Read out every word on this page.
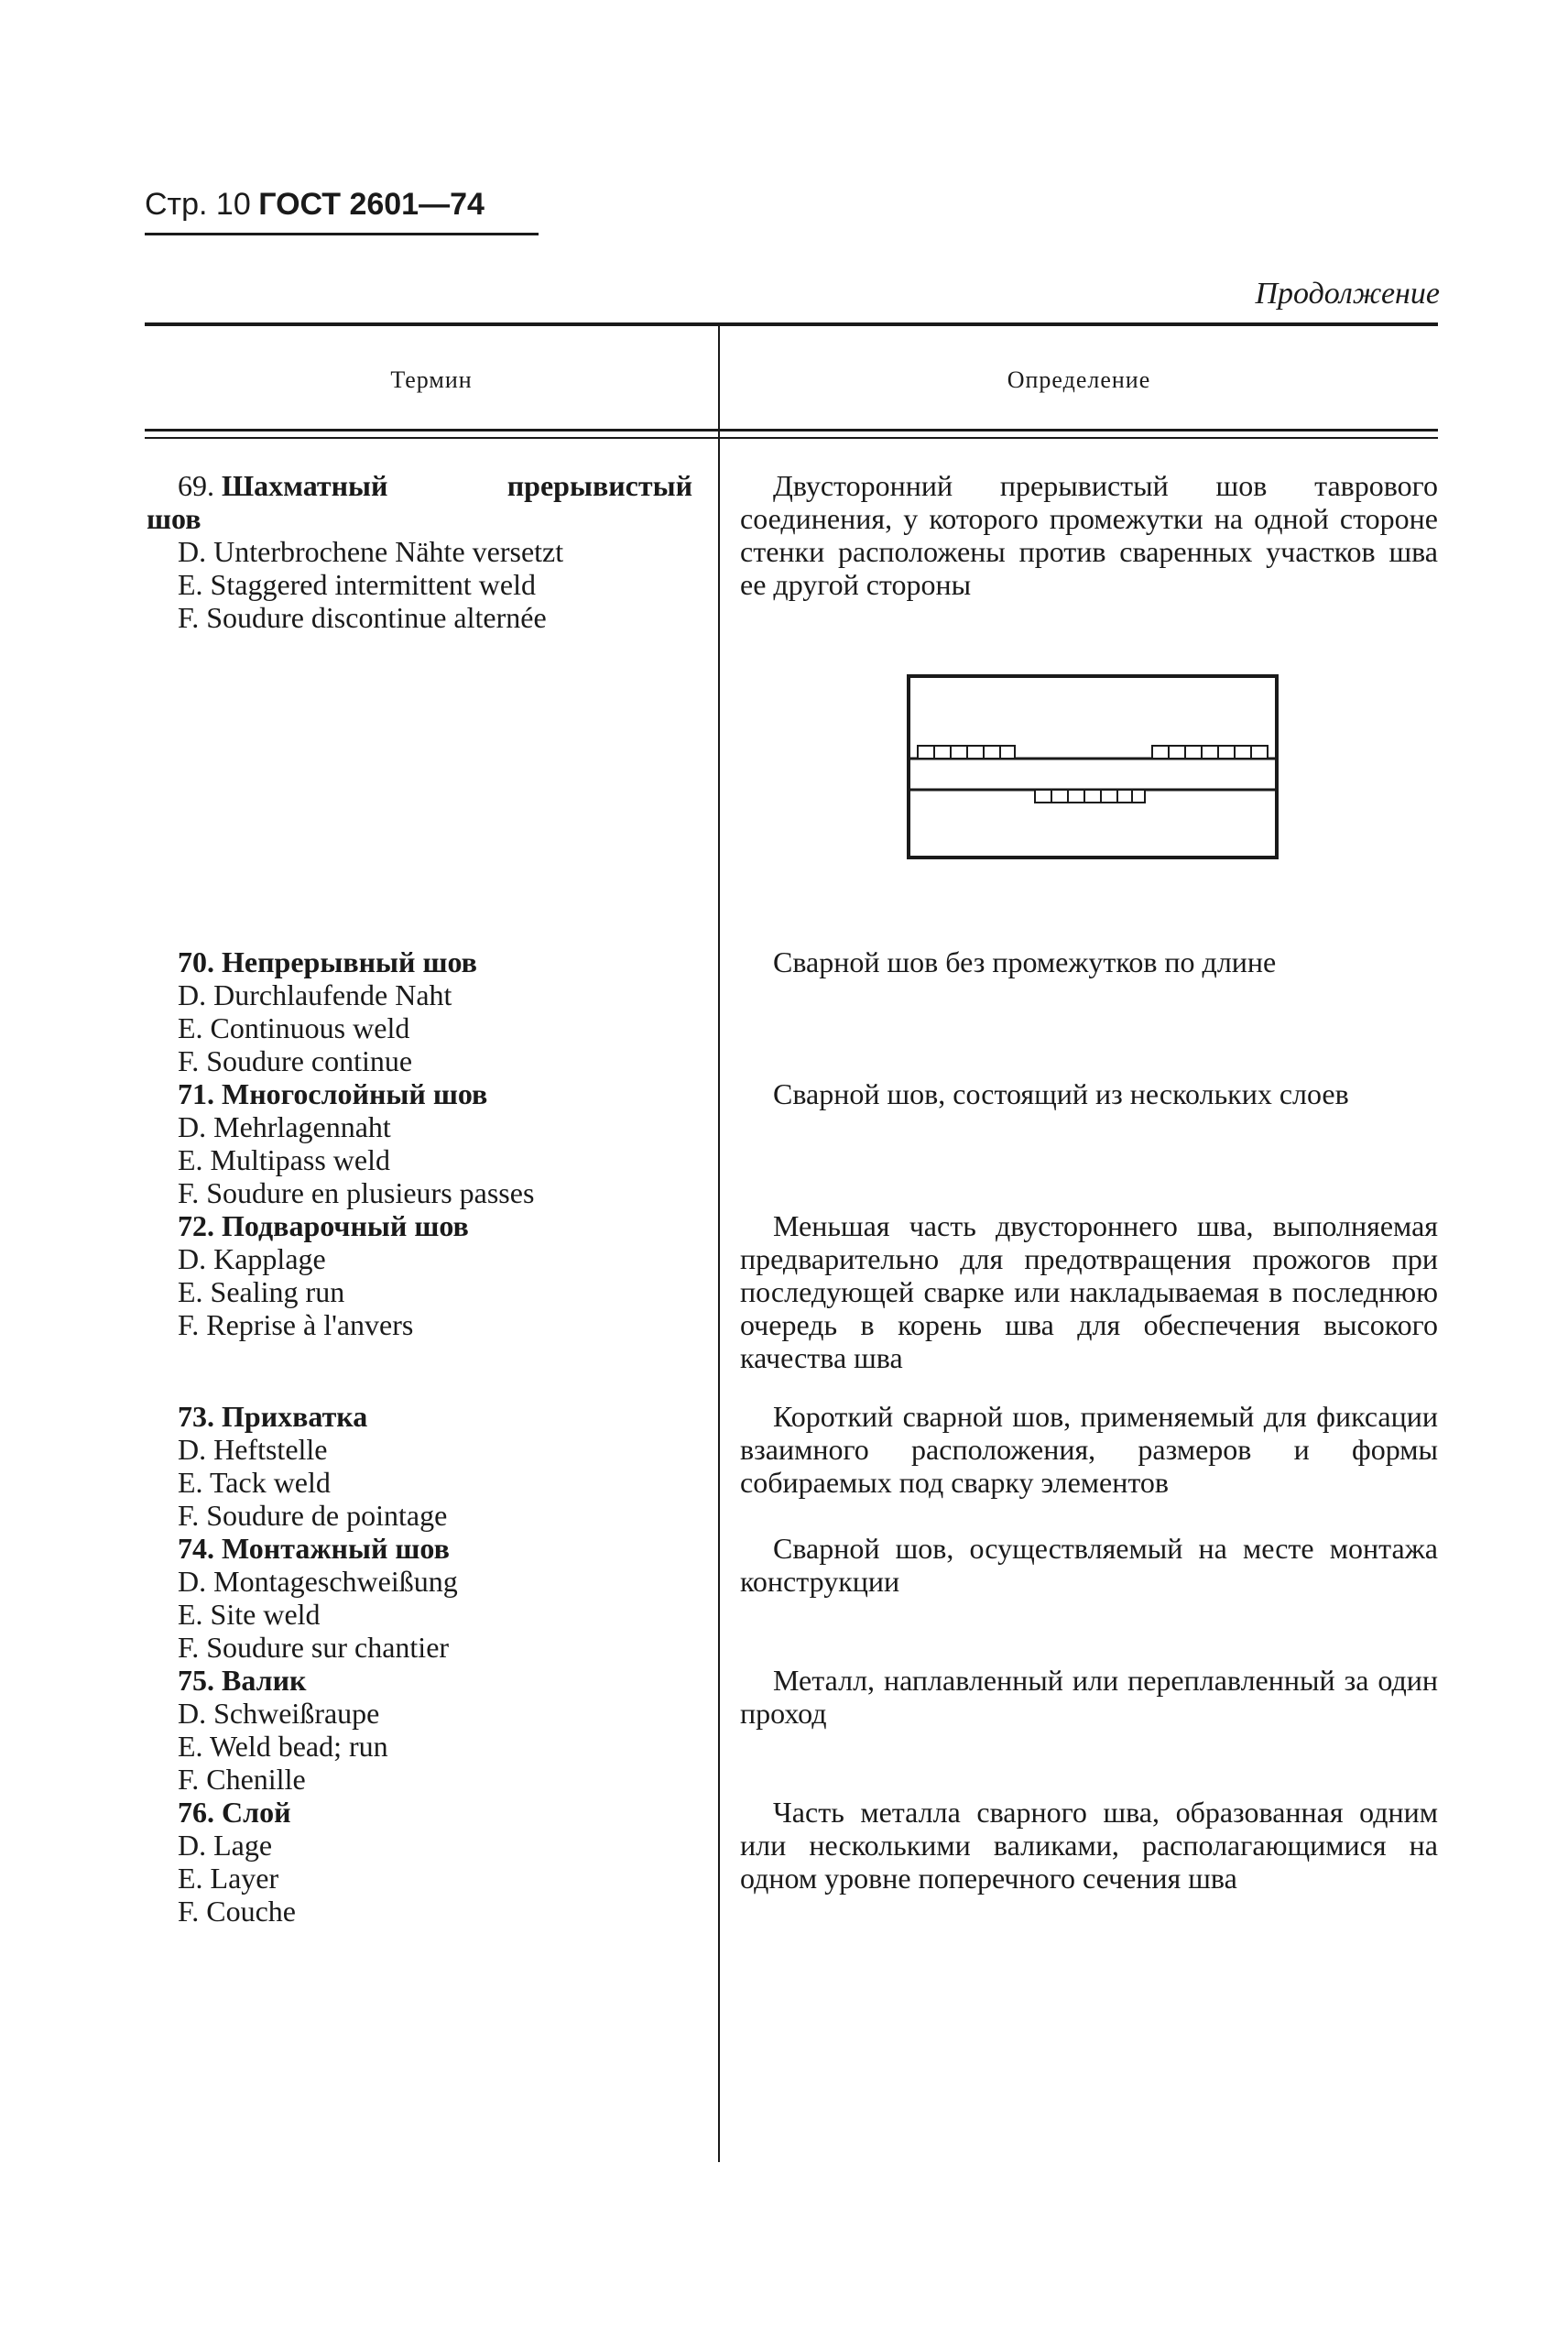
Стр. 10 ГОСТ 2601—74
Продолжение
Термин	Определение
69. Шахматный	прерывистый
шов
D. Unterbrochene Nähte versetzt
E. Staggered intermittent weld
F. Soudure discontinue alternée
70. Непрерывный шов
D. Durchlaufende Naht
E. Continuous weld
F. Soudure continue
71. Многослойный шов
D. Mehrlagennaht
E. Multipass weld
F. Soudure en plusieurs passes
72. Подварочный шов
D. Kapplage
E. Sealing run
F. Reprise à l'anvers
73. Прихватка
D. Heftstelle
E. Tack weld
F. Soudure de pointage
74. Монтажный шов
D. Montageschweißung
E. Site weld
F. Soudure sur chantier
75. Валик
D. Schweißraupe
E. Weld bead; run
F. Chenille
76. Слой
D. Lage
E. Layer
F. Couche

Двусторонний прерывистый шов таврового соединения, у которого промежутки на одной стороне стенки расположены против сваренных участков шва ее другой стороны

Сварной шов без промежутков по длине

Сварной шов, состоящий из нескольких слоев

Меньшая часть двустороннего шва, выполняемая предварительно для предотвращения прожогов при последующей сварке или накладываемая в последнюю очередь в корень шва для обеспечения высокого качества шва

Короткий сварной шов, применяемый для фиксации взаимного расположения, размеров и формы собираемых под сварку элементов

Сварной шов, осуществляемый на месте монтажа конструкции

Металл, наплавленный или переплавленный за один проход

Часть металла сварного шва, образованная одним или несколькими валиками, располагающимися на одном уровне поперечного сечения шва
